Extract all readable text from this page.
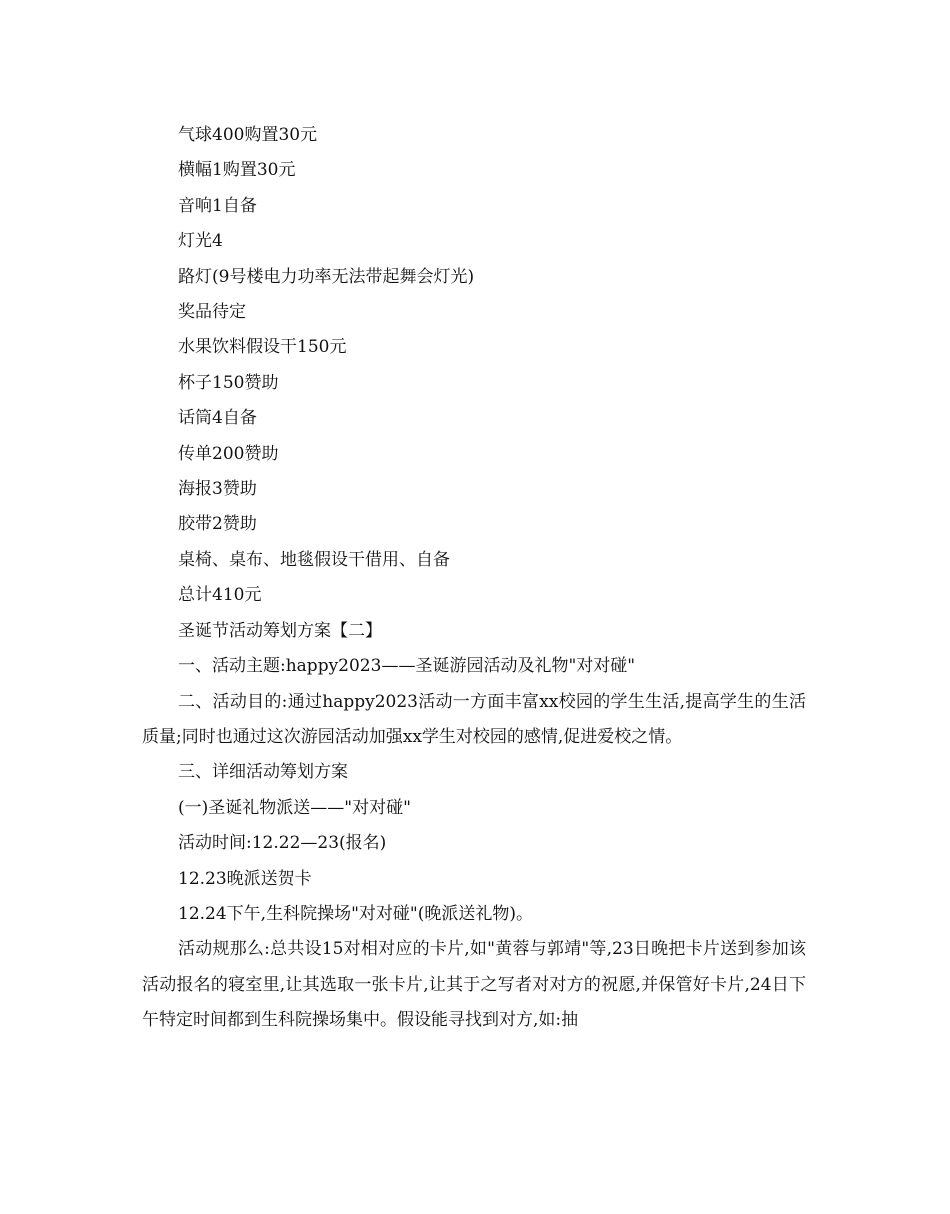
气球400购置30元
横幅1购置30元
音响1自备
灯光4
路灯(9号楼电力功率无法带起舞会灯光)
奖品待定
水果饮料假设干150元
杯子150赞助
话筒4自备
传单200赞助
海报3赞助
胶带2赞助
桌椅、桌布、地毯假设干借用、自备
总计410元
圣诞节活动筹划方案【二】
一、活动主题:happy2023——圣诞游园活动及礼物"对对碰"
二、活动目的:通过happy2023活动一方面丰富xx校园的学生生活,提高学生的生活质量;同时也通过这次游园活动加强xx学生对校园的感情,促进爱校之情。
三、详细活动筹划方案
(一)圣诞礼物派送——"对对碰"
活动时间:12.22—23(报名)
12.23晚派送贺卡
12.24下午,生科院操场"对对碰"(晚派送礼物)。
活动规那么:总共设15对相对应的卡片,如"黄蓉与郭靖"等,23日晚把卡片送到参加该活动报名的寝室里,让其选取一张卡片,让其于之写者对对方的祝愿,并保管好卡片,24日下午特定时间都到生科院操场集中。假设能寻找到对方,如:抽
